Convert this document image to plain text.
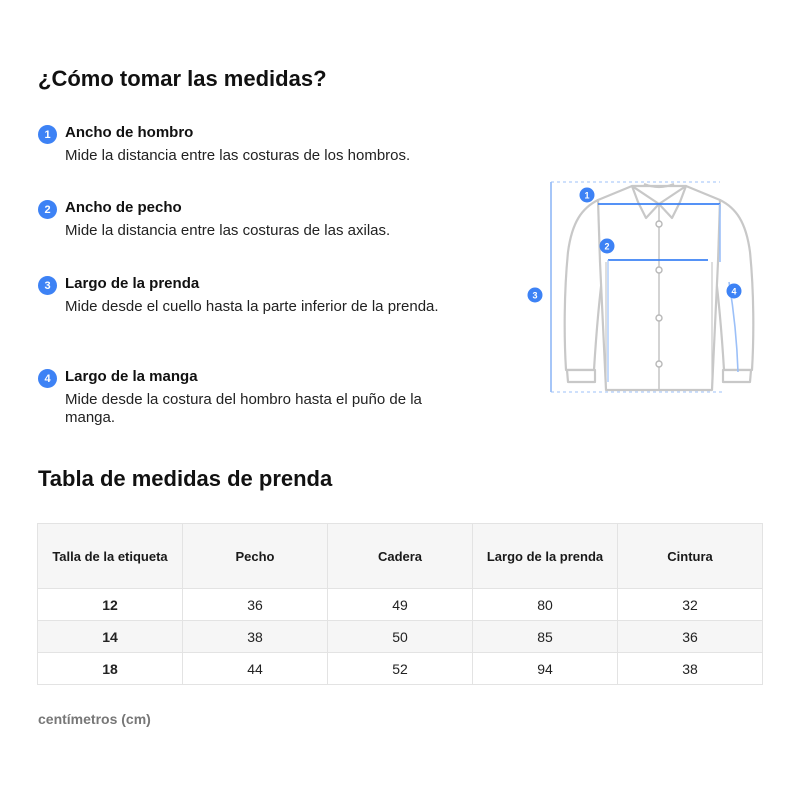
¿Cómo tomar las medidas?
1 Ancho de hombro
Mide la distancia entre las costuras de los hombros.
2 Ancho de pecho
Mide la distancia entre las costuras de las axilas.
3 Largo de la prenda
Mide desde el cuello hasta la parte inferior de la prenda.
4 Largo de la manga
Mide desde la costura del hombro hasta el puño de la manga.
1
2
3	4
Tabla de medidas de prenda
Talla de la etiqueta	Pecho	Cadera	Largo de la prenda	Cintura
12	36	49	80	32
14	38	50	85	36
18	44	52	94	38
centímetros (cm)
